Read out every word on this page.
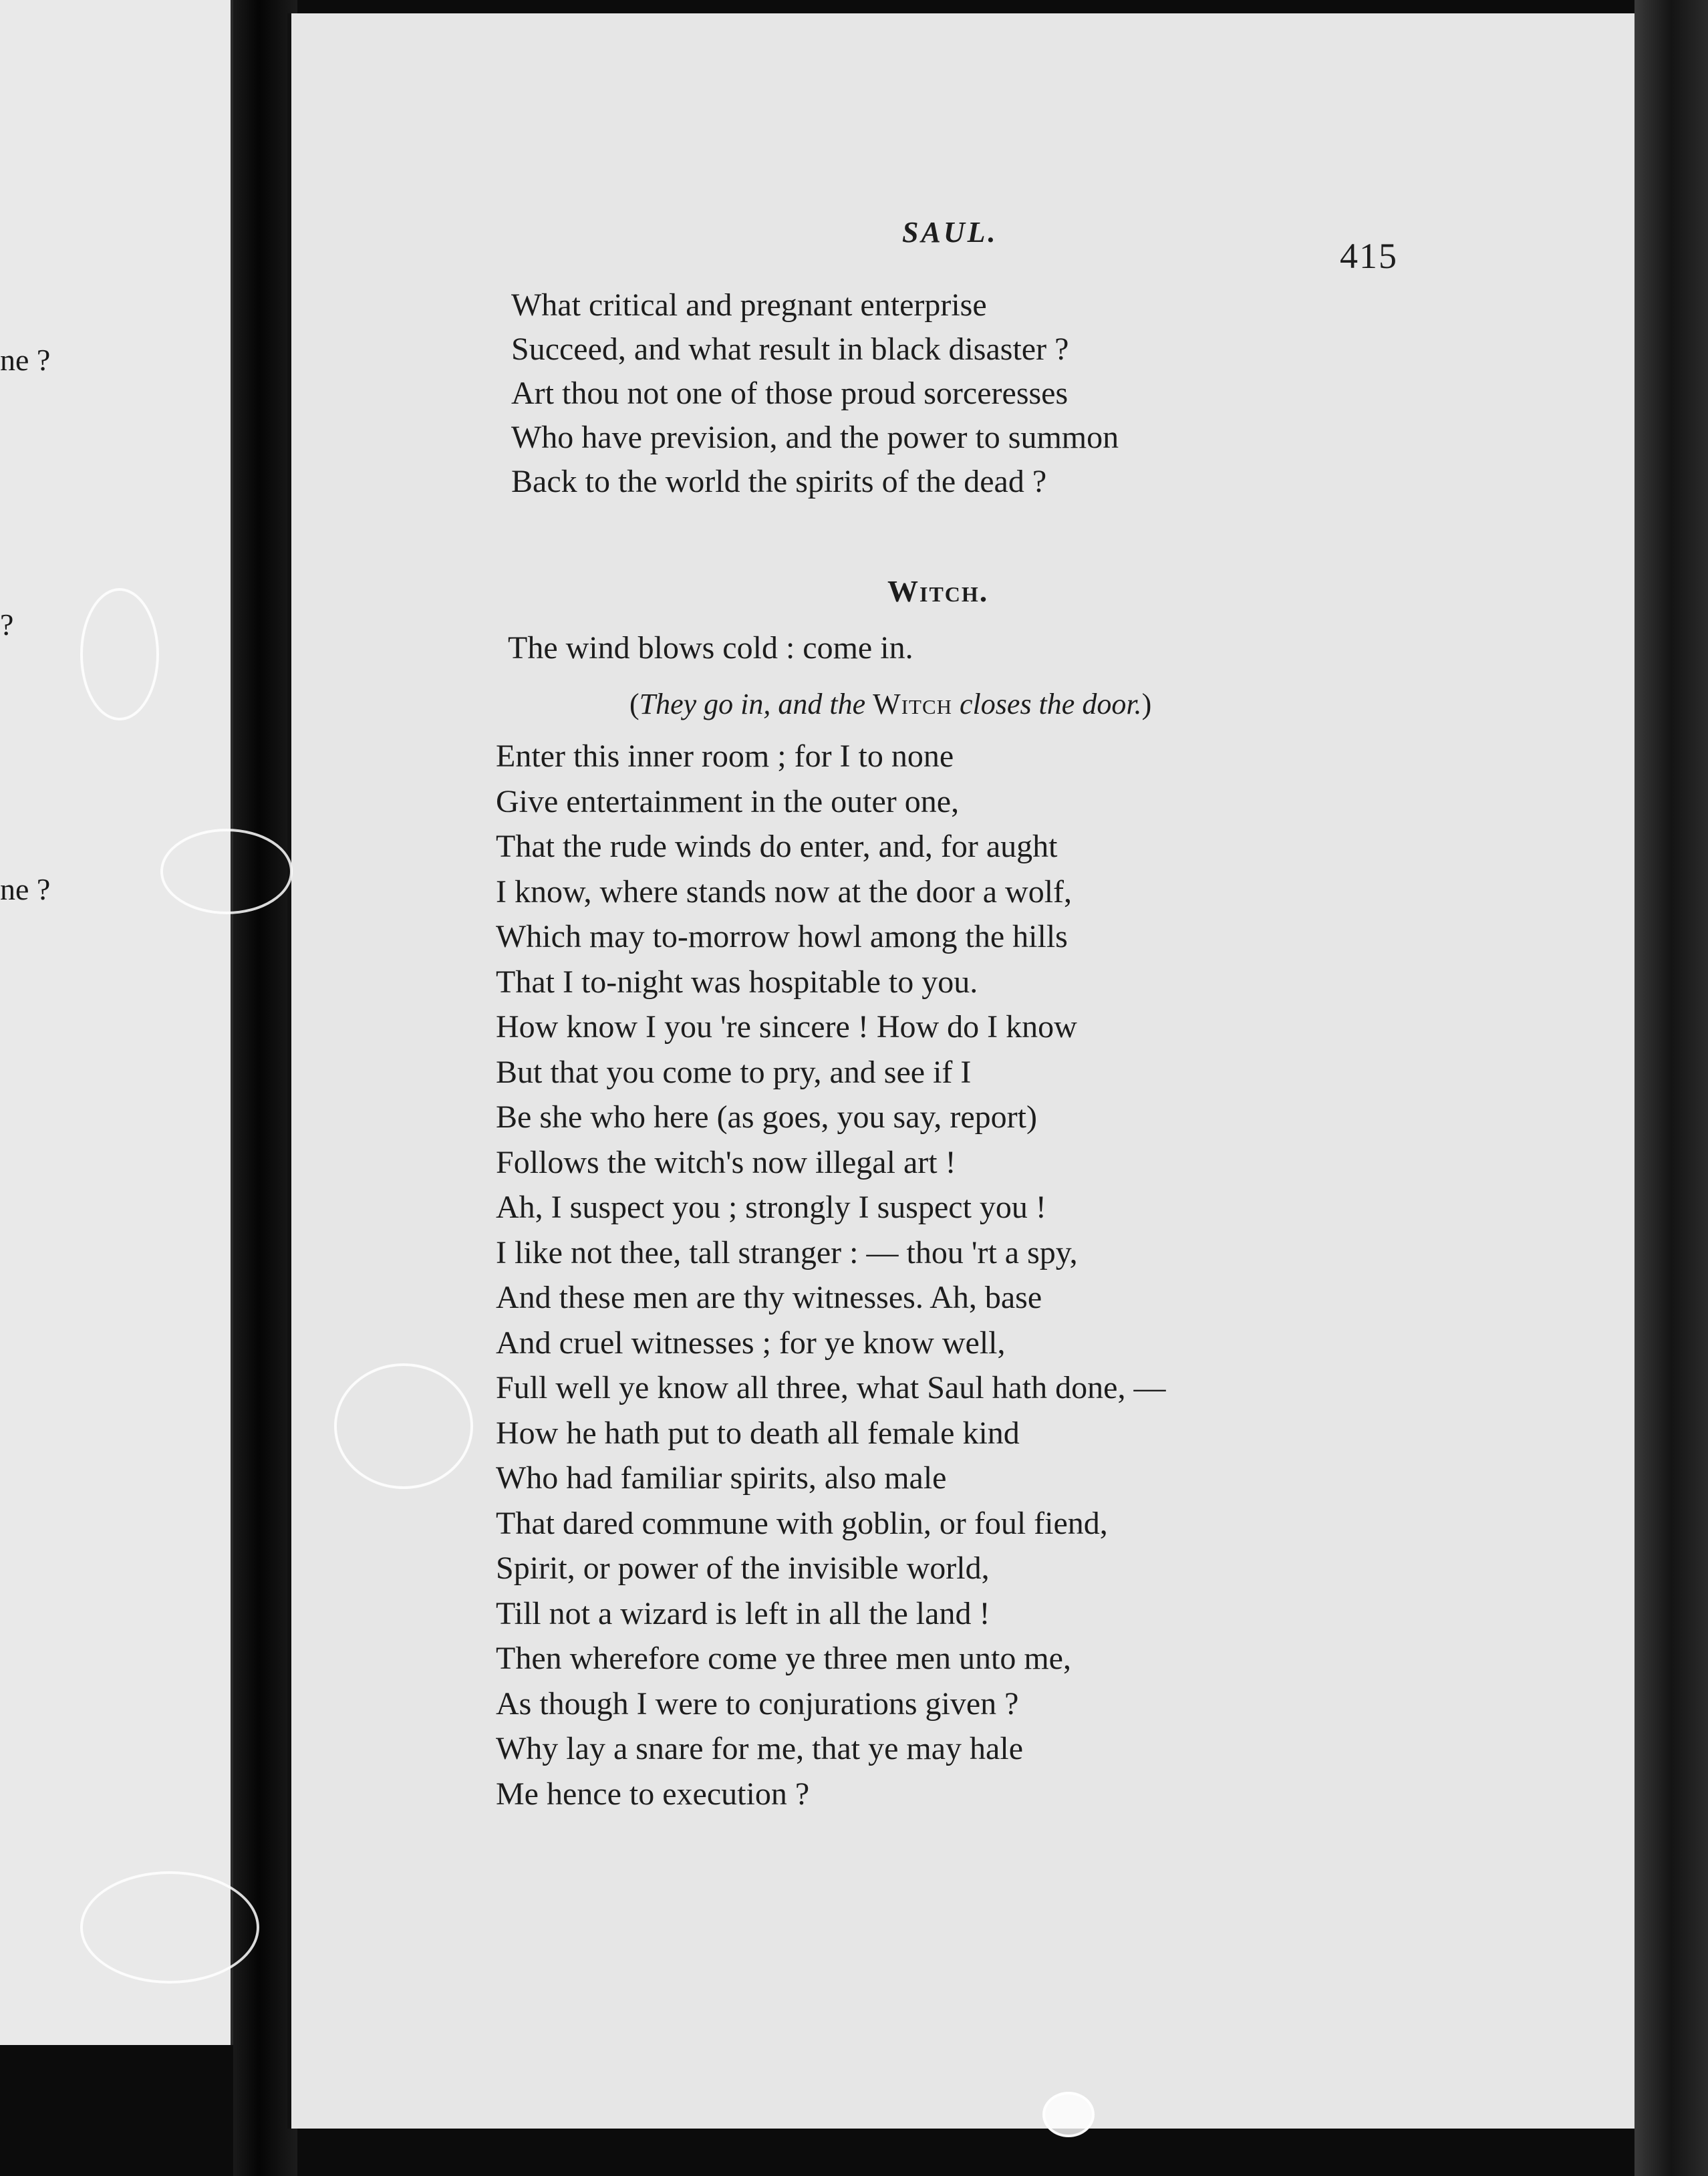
ne ?
?
ne ?
SAUL.
415
What critical and pregnant enterprise
Succeed, and what result in black disaster ?
Art thou not one of those proud sorceresses
Who have prevision, and the power to summon
Back to the world the spirits of the dead ?
Witch.

The wind blows cold : come in.

(They go in, and the Witch closes the door.)

Enter this inner room ; for I to none
Give entertainment in the outer one,
That the rude winds do enter, and, for aught
I know, where stands now at the door a wolf,
Which may to-morrow howl among the hills
That I to-night was hospitable to you.
How know I you 're sincere ! How do I know
But that you come to pry, and see if I
Be she who here (as goes, you say, report)
Follows the witch's now illegal art !
Ah, I suspect you ; strongly I suspect you !
I like not thee, tall stranger : — thou 'rt a spy,
And these men are thy witnesses. Ah, base
And cruel witnesses ; for ye know well,
Full well ye know all three, what Saul hath done, —
How he hath put to death all female kind
Who had familiar spirits, also male
That dared commune with goblin, or foul fiend,
Spirit, or power of the invisible world,
Till not a wizard is left in all the land !
Then wherefore come ye three men unto me,
As though I were to conjurations given ?
Why lay a snare for me, that ye may hale
Me hence to execution ?
